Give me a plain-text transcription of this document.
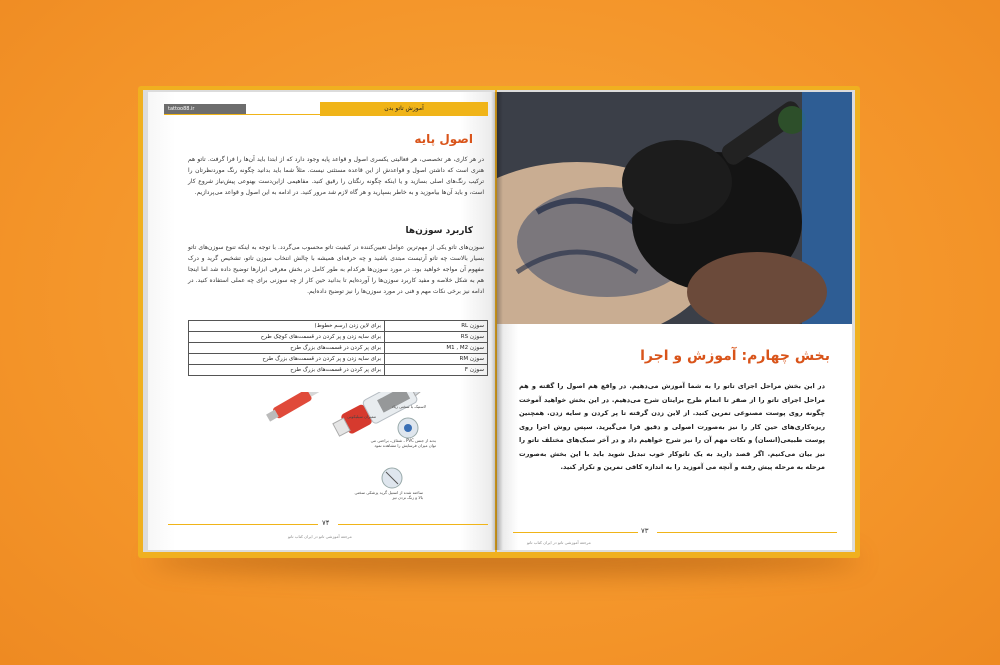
tattoo88.ir	آموزش تاتو بدن
اصول پایه
در هر کاری، هر تخصصی، هر فعالیتی یکسری اصول و قواعد پایه وجود دارد که از ابتدا باید آن‌ها را فرا گرفت. تاتو هم هنری است که داشتن اصول و قواعدش از این قاعده مستثنی نیست. مثلاً شما باید بدانید چگونه رنگ موردنظرتان را ترکیب رنگ‌های اصلی بسازید و یا اینکه چگونه رنگتان را رقیق کنید. مفاهیمی ازاین‌دست بهنوعی پیش‌نیاز شروع کار است، و باید آن‌ها بیاموزید و به خاطر بسپارید و هر گاه لازم شد مرور کنید. در ادامه به این اصول و قواعد می‌پردازیم.
کاربرد سوزن‌ها
سوزن‌های تاتو یکی از مهم‌ترین عوامل تعیین‌کننده در کیفیت تاتو محسوب می‌گردد. با توجه به اینکه تنوع سوزن‌های تاتو بسیار بالاست چه تاتو آرتیست مبتدی باشید و چه حرفه‌ای همیشه با چالش انتخاب سوزن تاتو، تشخیص گرید و درک مفهوم آن مواجه خواهید بود. در مورد سوزن‌ها هرکدام به طور کامل در بخش معرفی ابزارها توضیح داده شد اما اینجا هم به شکل خلاصه و مفید کاربرد سوزن‌ها را آورده‌ایم تا بدانید حین کار از چه سوزنی برای چه عملی استفاده کنید. در ادامه نیز برخی نکات مهم و فنی در مورد سوزن‌ها را نیز توضیح داده‌ایم.
سوزن RL	برای لاین زدن (رسم خطوط)
سوزن RS	برای سایه زدن و پر کردن در قسمت‌های کوچک طرح
سوزن M1 , M2	برای پر کردن در قسمت‌های بزرگ طرح
سوزن RM	برای سایه زدن و پر کردن در قسمت‌های بزرگ طرح
سوزن F	برای پر کردن در قسمت‌های بزرگ طرح
ممبران سیلیکونی
لاستیک با سختی زیاد
بدنه از جنس PVC ، شفاف، براحتی می توان میزان فرسایش را مشاهده نمود
ساخته شده از استیل گرید پزشکی سختی بالا و زنگ نزدن تیز
۷۴
مرجعه آموزشی تاتو در ایران کتاب تاتو
بخش چهارم: آموزش و اجرا
در این بخش مراحل اجرای تاتو را به شما آموزش می‌دهیم. در واقع هم اصول را گفته و هم مراحل اجرای تاتو را از صفر تا اتمام طرح برایتان شرح می‌دهیم. در این بخش خواهید آموخت چگونه روی پوست مصنوعی تمرین کنید. از لاین زدن گرفته تا پر کردن و سایه زدن. همچنین ریزه‌کاری‌های حین کار را نیز به‌صورت اصولی و دقیق فرا می‌گیرید. سپس روش اجرا روی پوست طبیعی(انسان) و نکات مهم آن را نیز شرح خواهیم داد و در آخر سبک‌های مختلف تاتو را نیز بیان می‌کنیم. اگر قصد دارید به یک تاتوکار خوب تبدیل شوید باید با این بخش به‌صورت مرحله به مرحله پیش رفته و آنچه می آموزید را به اندازه کافی تمرین و تکرار کنید.
۷۳
مرجعه آموزشی تاتو در ایران کتاب تاتو
